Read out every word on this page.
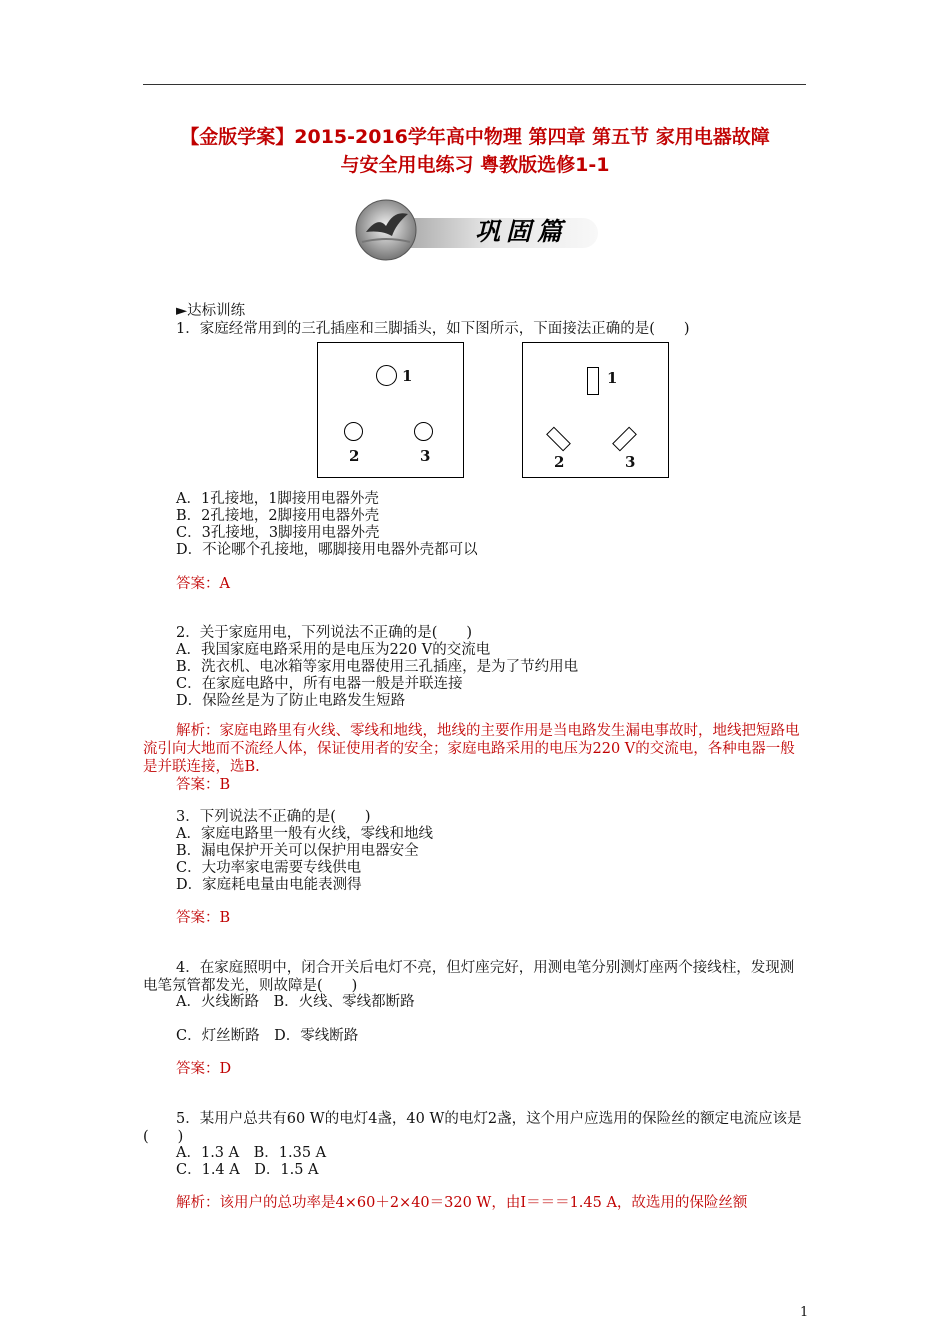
【金版学案】2015-2016学年高中物理 第四章 第五节 家用电器故障
与安全用电练习 粤教版选修1-1
巩固篇
►达标训练
1．家庭经常用到的三孔插座和三脚插头，如下图所示，下面接法正确的是(　　)
1
2	3
1
2	3
A．1孔接地，1脚接用电器外壳
B．2孔接地，2脚接用电器外壳
C．3孔接地，3脚接用电器外壳
D．不论哪个孔接地，哪脚接用电器外壳都可以
答案：A
2．关于家庭用电，下列说法不正确的是(　　)
A．我国家庭电路采用的是电压为220 V的交流电
B．洗衣机、电冰箱等家用电器使用三孔插座，是为了节约用电
C．在家庭电路中，所有电器一般是并联连接
D．保险丝是为了防止电路发生短路
解析：家庭电路里有火线、零线和地线，地线的主要作用是当电路发生漏电事故时，地线把短路电流引向大地而不流经人体，保证使用者的安全；家庭电路采用的电压为220 V的交流电，各种电器一般是并联连接，选B.
答案：B
3．下列说法不正确的是(　　)
A．家庭电路里一般有火线，零线和地线
B．漏电保护开关可以保护用电器安全
C．大功率家电需要专线供电
D．家庭耗电量由电能表测得
答案：B
4．在家庭照明中，闭合开关后电灯不亮，但灯座完好，用测电笔分别测灯座两个接线柱，发现测电笔氖管都发光，则故障是(　　)
A．火线断路　B．火线、零线都断路
C．灯丝断路　D．零线断路
答案：D
5．某用户总共有60 W的电灯4盏，40 W的电灯2盏，这个用户应选用的保险丝的额定电流应该是(　　)
A．1.3 A　B．1.35 A
C．1.4 A　D．1.5 A
解析：该用户的总功率是4×60＋2×40＝320 W，由I＝＝＝1.45 A，故选用的保险丝额
1
